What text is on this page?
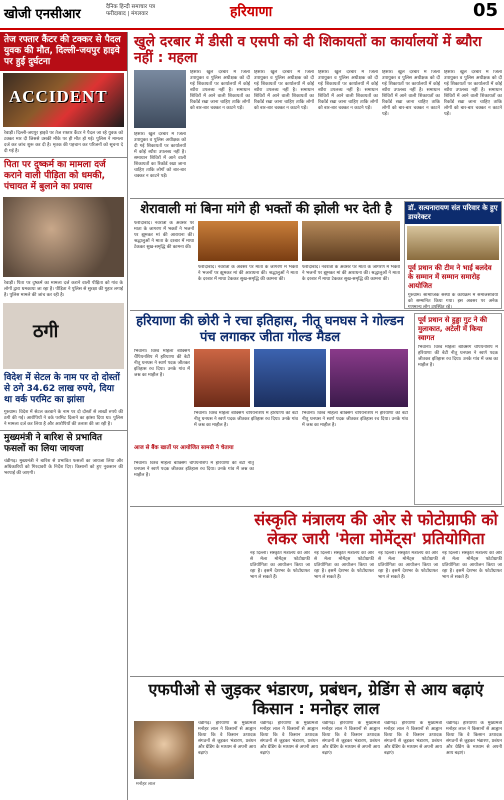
खोजी एनसीआर	दैनिक हिन्दी समाचार पत्र
फरीदाबाद | मंगलवार	हरियाणा	05
तेज रफ्तार कैंटर की टक्कर से पैदल युवक की मौत, दिल्ली-जयपुर हाइवे पर हुई दुर्घटना
ACCIDENT
रेवाड़ी। दिल्ली-जयपुर हाइवे पर तेज रफ्तार कैंटर ने पैदल जा रहे युवक को टक्कर मार दी जिससे उसकी मौके पर ही मौत हो गई। पुलिस ने मामला दर्ज कर जांच शुरू कर दी है। मृतक की पहचान कर परिजनों को सूचना दे दी गई है।
पिता पर दुष्कर्म का मामला दर्ज कराने वाली पीड़िता को धमकी, पंचायत में बुलाने का प्रयास
रेवाड़ी। पिता पर दुष्कर्म का मामला दर्ज कराने वाली पीड़िता को गांव के लोगों द्वारा धमकाया जा रहा है। पीड़िता ने पुलिस से सुरक्षा की गुहार लगाई है। पुलिस मामले की जांच कर रही है।
ठगी
विदेश में सेटल के नाम पर दो दोस्तों से ठगे 34.62 लाख रुपये, दिया था वर्क परमिट का झांसा
गुरुग्राम। विदेश में सेटल करवाने के नाम पर दो दोस्तों से लाखों रुपये की ठगी की गई। आरोपियों ने वर्क परमिट दिलाने का झांसा दिया था। पुलिस ने मामला दर्ज कर लिया है और आरोपियों की तलाश की जा रही है।
मुख्यमंत्री ने बारिश से प्रभावित फसलों का लिया जायजा
चंडीगढ़। मुख्यमंत्री ने बारिश से प्रभावित फसलों का जायजा लिया और अधिकारियों को गिरदावरी के निर्देश दिए। किसानों को हुए नुकसान की भरपाई की जाएगी।
खुले दरबार में डीसी व एसपी को दी शिकायतों का कार्यालयों में ब्यौरा नहीं : महला
हिसार। खुले दरबार में जिला उपायुक्त व पुलिस अधीक्षक को दी गई शिकायतों पर कार्यालयों में कोई ब्यौरा उपलब्ध नहीं है। समाधान शिविरों में आने वाली शिकायतों का रिकॉर्ड रखा जाना चाहिए ताकि लोगों को बार-बार चक्कर न काटने पड़ें।
हिसार। खुले दरबार में जिला उपायुक्त व पुलिस अधीक्षक को दी गई शिकायतों पर कार्यालयों में कोई ब्यौरा उपलब्ध नहीं है। समाधान शिविरों में आने वाली शिकायतों का रिकॉर्ड रखा जाना चाहिए ताकि लोगों को बार-बार चक्कर न काटने पड़ें।
हिसार। खुले दरबार में जिला उपायुक्त व पुलिस अधीक्षक को दी गई शिकायतों पर कार्यालयों में कोई ब्यौरा उपलब्ध नहीं है। समाधान शिविरों में आने वाली शिकायतों का रिकॉर्ड रखा जाना चाहिए ताकि लोगों को बार-बार चक्कर न काटने पड़ें।
हिसार। खुले दरबार में जिला उपायुक्त व पुलिस अधीक्षक को दी गई शिकायतों पर कार्यालयों में कोई ब्यौरा उपलब्ध नहीं है। समाधान शिविरों में आने वाली शिकायतों का रिकॉर्ड रखा जाना चाहिए ताकि लोगों को बार-बार चक्कर न काटने पड़ें।
हिसार। खुले दरबार में जिला उपायुक्त व पुलिस अधीक्षक को दी गई शिकायतों पर कार्यालयों में कोई ब्यौरा उपलब्ध नहीं है। समाधान शिविरों में आने वाली शिकायतों का रिकॉर्ड रखा जाना चाहिए ताकि लोगों को बार-बार चक्कर न काटने पड़ें।
हिसार। खुले दरबार में जिला उपायुक्त व पुलिस अधीक्षक को दी गई शिकायतों पर कार्यालयों में कोई ब्यौरा उपलब्ध नहीं है। समाधान शिविरों में आने वाली शिकायतों का रिकॉर्ड रखा जाना चाहिए ताकि लोगों को बार-बार चक्कर न काटने पड़ें।
शेरावाली मां बिना मांगे ही भक्तों की झोली भर देती है
फरीदाबाद। नवरात्रों के अवसर पर माता के जागरण में भक्तों ने भजनों पर झूमकर मां की आराधना की। श्रद्धालुओं ने माता के दरबार में माथा टेककर सुख-समृद्धि की कामना की।
फरीदाबाद। नवरात्रों के अवसर पर माता के जागरण में भक्तों ने भजनों पर झूमकर मां की आराधना की। श्रद्धालुओं ने माता के दरबार में माथा टेककर सुख-समृद्धि की कामना की।
फरीदाबाद। नवरात्रों के अवसर पर माता के जागरण में भक्तों ने भजनों पर झूमकर मां की आराधना की। श्रद्धालुओं ने माता के दरबार में माथा टेककर सुख-समृद्धि की कामना की।
डॉ. सत्यनारायण संत परिवार के हुए डायरेक्टर
पूर्व प्रधान की टीम ने भाई बलदेव के सम्मान में सम्मान समारोह आयोजित
गुरुग्राम। सामाजिक संस्था के कार्यक्रम में समाजसेवियों को सम्मानित किया गया। इस अवसर पर अनेक गणमान्य लोग उपस्थित रहे।
हरियाणा की छोरी ने रचा इतिहास, नीतू घनघस ने गोल्डन पंच लगाकर जीता गोल्ड मैडल
भिवानी। विश्व महिला बॉक्सिंग चैंपियनशिप में हरियाणा की बेटी नीतू घनघस ने स्वर्ण पदक जीतकर इतिहास रच दिया। उनके गांव में जश्न का माहौल है।
भिवानी। विश्व महिला बॉक्सिंग चैंपियनशिप में हरियाणा की बेटी नीतू घनघस ने स्वर्ण पदक जीतकर इतिहास रच दिया। उनके गांव में जश्न का माहौल है।
भिवानी। विश्व महिला बॉक्सिंग चैंपियनशिप में हरियाणा की बेटी नीतू घनघस ने स्वर्ण पदक जीतकर इतिहास रच दिया। उनके गांव में जश्न का माहौल है।
आज से बैंक खातों पर आयोजित सामग्री ने चेताया
भिवानी। विश्व महिला बॉक्सिंग चैंपियनशिप में हरियाणा की बेटी नीतू घनघस ने स्वर्ण पदक जीतकर इतिहास रच दिया। उनके गांव में जश्न का माहौल है।
पूर्व प्रधान से हुड्डा गुट ने की मुलाकात, अटेली में किया स्वागत
भिवानी। विश्व महिला बॉक्सिंग चैंपियनशिप में हरियाणा की बेटी नीतू घनघस ने स्वर्ण पदक जीतकर इतिहास रच दिया। उनके गांव में जश्न का माहौल है।
संस्कृति मंत्रालय की ओर से फोटोग्राफी को लेकर जारी 'मेला मोमेंट्स' प्रतियोगिता
नई दिल्ली। संस्कृति मंत्रालय की ओर से मेला मोमेंट्स फोटोग्राफी प्रतियोगिता का आयोजन किया जा रहा है। इसमें देशभर के फोटोग्राफर भाग ले सकते हैं।
नई दिल्ली। संस्कृति मंत्रालय की ओर से मेला मोमेंट्स फोटोग्राफी प्रतियोगिता का आयोजन किया जा रहा है। इसमें देशभर के फोटोग्राफर भाग ले सकते हैं।
नई दिल्ली। संस्कृति मंत्रालय की ओर से मेला मोमेंट्स फोटोग्राफी प्रतियोगिता का आयोजन किया जा रहा है। इसमें देशभर के फोटोग्राफर भाग ले सकते हैं।
नई दिल्ली। संस्कृति मंत्रालय की ओर से मेला मोमेंट्स फोटोग्राफी प्रतियोगिता का आयोजन किया जा रहा है। इसमें देशभर के फोटोग्राफर भाग ले सकते हैं।
एफपीओ से जुड़कर भंडारण, प्रबंधन, ग्रेडिंग से आय बढ़ाएं किसान : मनोहर लाल
मनोहर लाल
चंडीगढ़। हरियाणा के मुख्यमंत्री मनोहर लाल ने किसानों से आह्वान किया कि वे किसान उत्पादक संगठनों से जुड़कर भंडारण, प्रबंधन और ग्रेडिंग के माध्यम से अपनी आय बढ़ाएं।
चंडीगढ़। हरियाणा के मुख्यमंत्री मनोहर लाल ने किसानों से आह्वान किया कि वे किसान उत्पादक संगठनों से जुड़कर भंडारण, प्रबंधन और ग्रेडिंग के माध्यम से अपनी आय बढ़ाएं।
चंडीगढ़। हरियाणा के मुख्यमंत्री मनोहर लाल ने किसानों से आह्वान किया कि वे किसान उत्पादक संगठनों से जुड़कर भंडारण, प्रबंधन और ग्रेडिंग के माध्यम से अपनी आय बढ़ाएं।
चंडीगढ़। हरियाणा के मुख्यमंत्री मनोहर लाल ने किसानों से आह्वान किया कि वे किसान उत्पादक संगठनों से जुड़कर भंडारण, प्रबंधन और ग्रेडिंग के माध्यम से अपनी आय बढ़ाएं।
चंडीगढ़। हरियाणा के मुख्यमंत्री मनोहर लाल ने किसानों से आह्वान किया कि वे किसान उत्पादक संगठनों से जुड़कर भंडारण, प्रबंधन और ग्रेडिंग के माध्यम से अपनी आय बढ़ाएं।
